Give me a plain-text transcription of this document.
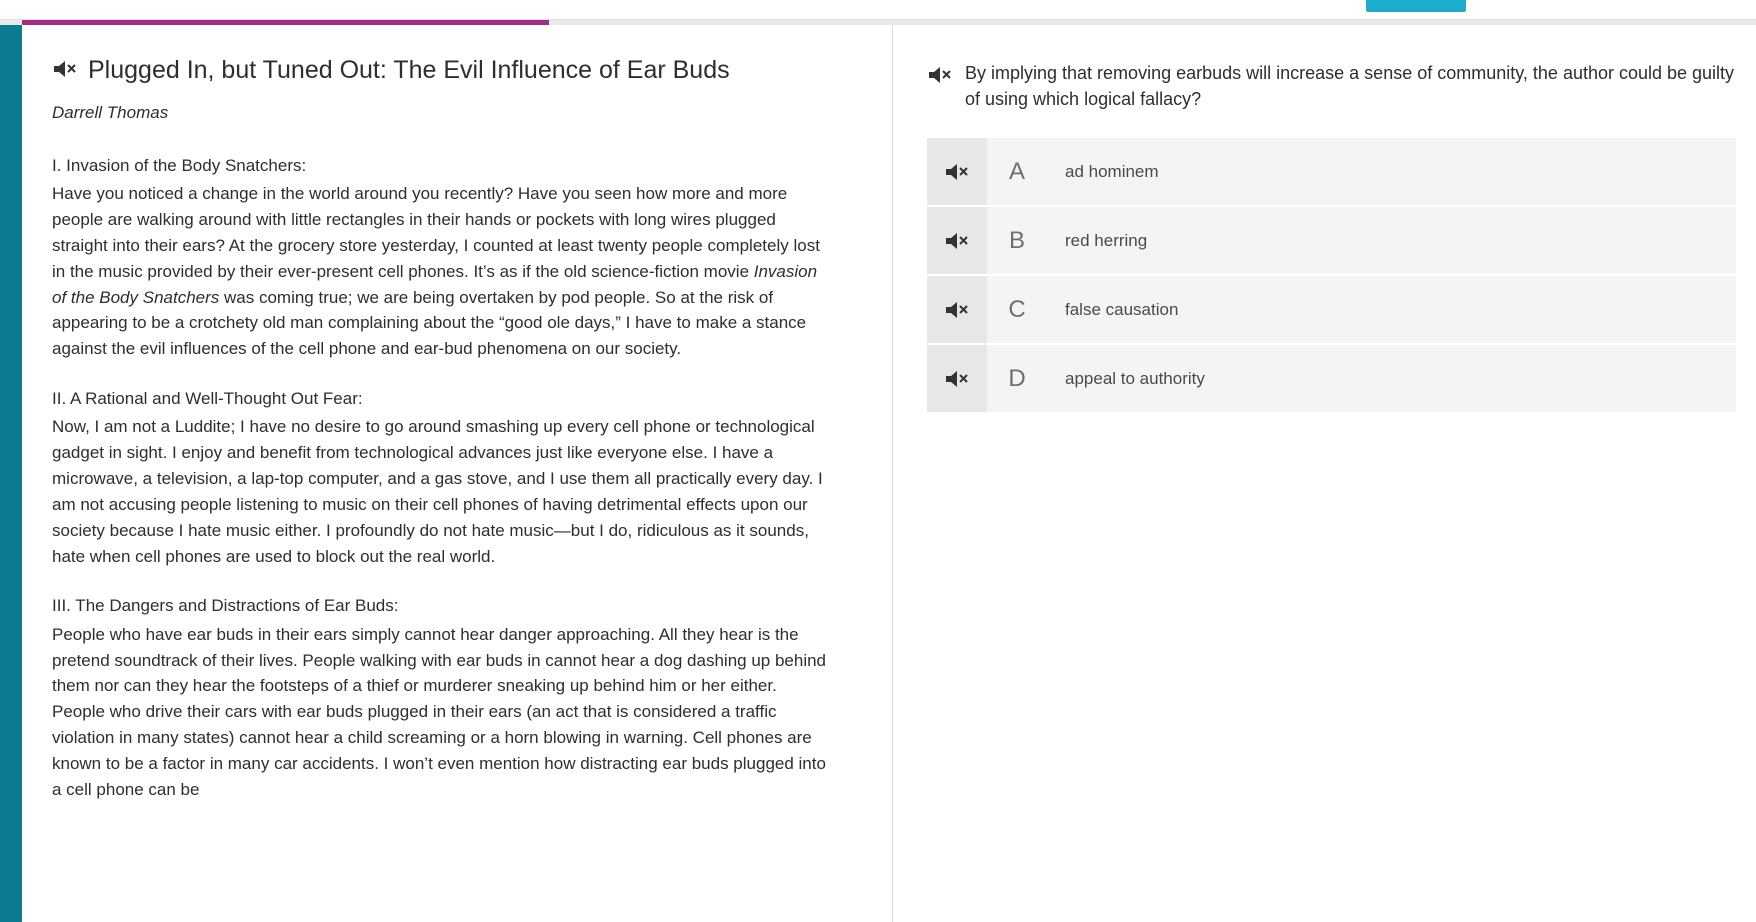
Plugged In, but Tuned Out: The Evil Influence of Ear Buds
Darrell Thomas
I. Invasion of the Body Snatchers:

Have you noticed a change in the world around you recently? Have you seen how more and more people are walking around with little rectangles in their hands or pockets with long wires plugged straight into their ears? At the grocery store yesterday, I counted at least twenty people completely lost in the music provided by their ever-present cell phones. It’s as if the old science-fiction movie Invasion of the Body Snatchers was coming true; we are being overtaken by pod people. So at the risk of appearing to be a crotchety old man complaining about the “good ole days,” I have to make a stance against the evil influences of the cell phone and ear-bud phenomena on our society.

II. A Rational and Well-Thought Out Fear:

Now, I am not a Luddite; I have no desire to go around smashing up every cell phone or technological gadget in sight. I enjoy and benefit from technological advances just like everyone else. I have a microwave, a television, a lap-top computer, and a gas stove, and I use them all practically every day. I am not accusing people listening to music on their cell phones of having detrimental effects upon our society because I hate music either. I profoundly do not hate music—but I do, ridiculous as it sounds, hate when cell phones are used to block out the real world.

III. The Dangers and Distractions of Ear Buds:

People who have ear buds in their ears simply cannot hear danger approaching. All they hear is the pretend soundtrack of their lives. People walking with ear buds in cannot hear a dog dashing up behind them nor can they hear the footsteps of a thief or murderer sneaking up behind him or her either. People who drive their cars with ear buds plugged in their ears (an act that is considered a traffic violation in many states) cannot hear a child screaming or a horn blowing in warning. Cell phones are known to be a factor in many car accidents. I won’t even mention how distracting ear buds plugged into a cell phone can be

By implying that removing earbuds will increase a sense of community, the author could be guilty of using which logical fallacy?
A	ad hominem
B	red herring
C	false causation
D	appeal to authority
